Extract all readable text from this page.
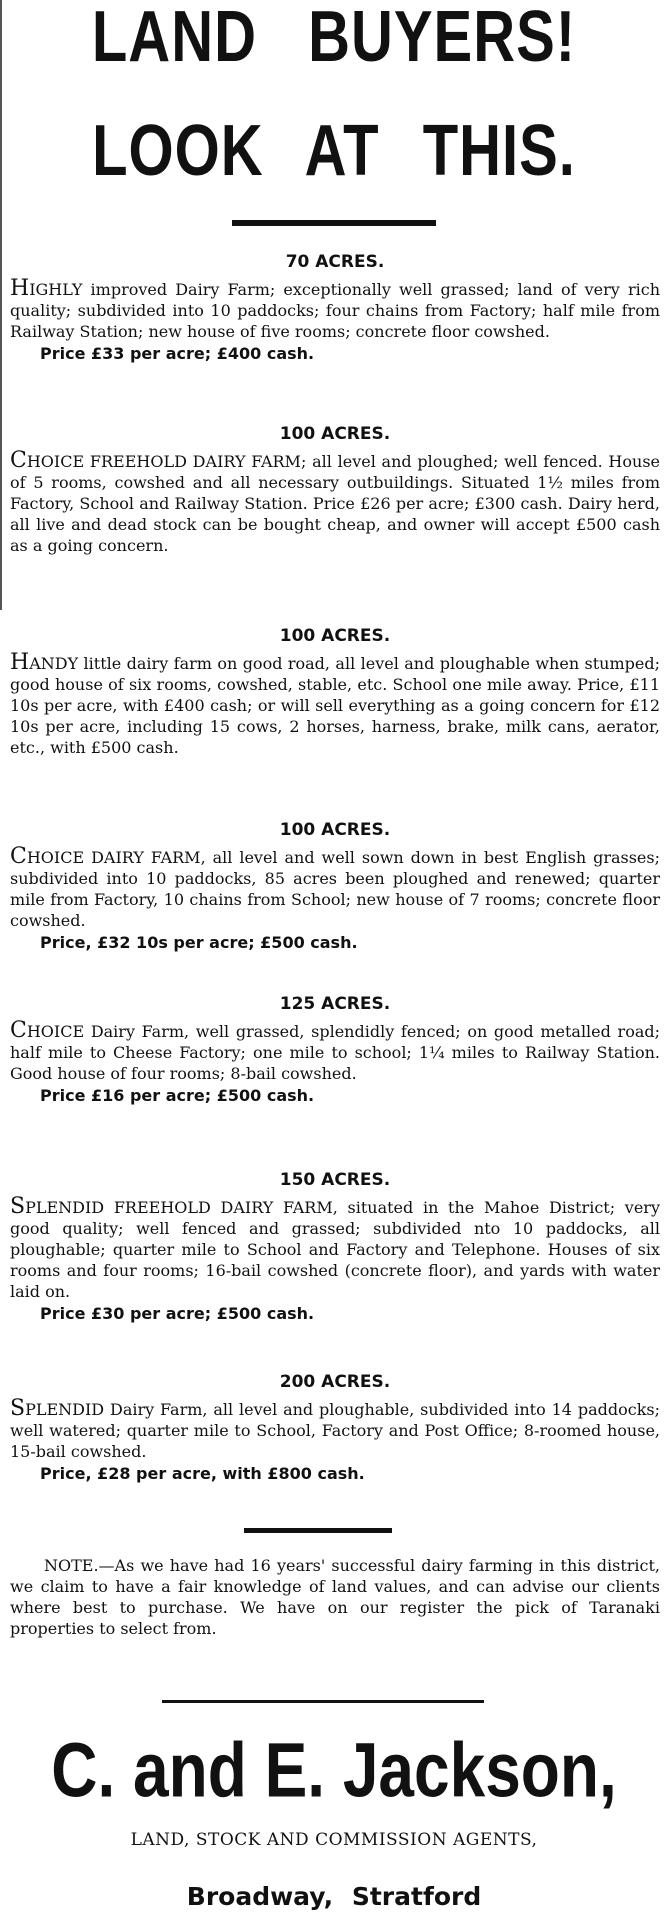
LAND BUYERS!
LOOK AT THIS.
70 ACRES.

HIGHLY improved Dairy Farm; exceptionally well grassed; land of very rich quality; subdivided into 10 paddocks; four chains from Factory; half mile from Railway Station; new house of five rooms; concrete floor cowshed.

Price £33 per acre; £400 cash.
100 ACRES.

CHOICE FREEHOLD DAIRY FARM; all level and ploughed; well fenced. House of 5 rooms, cowshed and all necessary outbuildings. Situated 1½ miles from Factory, School and Railway Station. Price £26 per acre; £300 cash. Dairy herd, all live and dead stock can be bought cheap, and owner will accept £500 cash as a going concern.

100 ACRES.

HANDY little dairy farm on good road, all level and ploughable when stumped; good house of six rooms, cowshed, stable, etc. School one mile away. Price, £11 10s per acre, with £400 cash; or will sell everything as a going concern for £12 10s per acre, including 15 cows, 2 horses, harness, brake, milk cans, aerator, etc., with £500 cash.

100 ACRES.

CHOICE DAIRY FARM, all level and well sown down in best English grasses; subdivided into 10 paddocks, 85 acres been ploughed and renewed; quarter mile from Factory, 10 chains from School; new house of 7 rooms; concrete floor cowshed.

Price, £32 10s per acre; £500 cash.
125 ACRES.

CHOICE Dairy Farm, well grassed, splendidly fenced; on good metalled road; half mile to Cheese Factory; one mile to school; 1¼ miles to Railway Station. Good house of four rooms; 8-bail cowshed.

Price £16 per acre; £500 cash.
150 ACRES.

SPLENDID FREEHOLD DAIRY FARM, situated in the Mahoe District; very good quality; well fenced and grassed; subdivided nto 10 paddocks, all ploughable; quarter mile to School and Factory and Telephone. Houses of six rooms and four rooms; 16-bail cowshed (concrete floor), and yards with water laid on.

Price £30 per acre; £500 cash.
200 ACRES.

SPLENDID Dairy Farm, all level and ploughable, subdivided into 14 paddocks; well watered; quarter mile to School, Factory and Post Office; 8-roomed house, 15-bail cowshed.

Price, £28 per acre, with £800 cash.

NOTE.—As we have had 16 years' successful dairy farming in this district, we claim to have a fair knowledge of land values, and can advise our clients where best to purchase. We have on our register the pick of Taranaki properties to select from.

C. and E. Jackson,
LAND, STOCK AND COMMISSION AGENTS,
Broadway, Stratford
